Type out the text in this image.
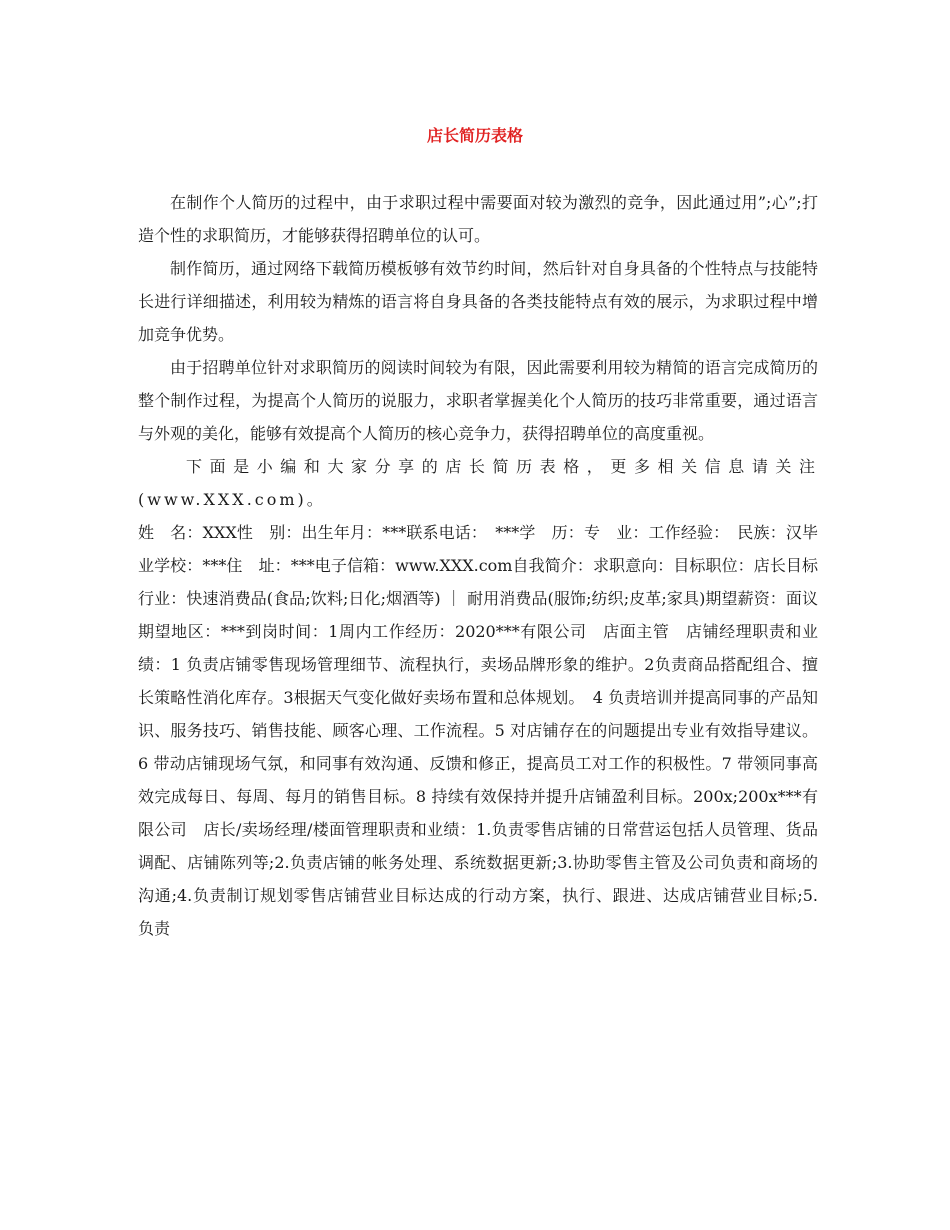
店长简历表格

在制作个人简历的过程中，由于求职过程中需要面对较为激烈的竞争，因此通过用”;心”;打造个性的求职简历，才能够获得招聘单位的认可。

制作简历，通过网络下载简历模板够有效节约时间，然后针对自身具备的个性特点与技能特长进行详细描述，利用较为精炼的语言将自身具备的各类技能特点有效的展示，为求职过程中增加竞争优势。

由于招聘单位针对求职简历的阅读时间较为有限，因此需要利用较为精简的语言完成简历的整个制作过程，为提高个人简历的说服力，求职者掌握美化个人简历的技巧非常重要，通过语言与外观的美化，能够有效提高个人简历的核心竞争力，获得招聘单位的高度重视。

下面是小编和大家分享的店长简历表格，更多相关信息请关注(www.XXX.com)。

姓　名：XXX性　别：出生年月：***联系电话：　***学　历：专　业：工作经验：　民族：汉毕业学校：***住　址：***电子信箱：www.XXX.com自我简介：求职意向：目标职位：店长目标行业：快速消费品(食品;饮料;日化;烟酒等) ｜ 耐用消费品(服饰;纺织;皮革;家具)期望薪资：面议期望地区：***到岗时间：1周内工作经历：2020***有限公司　店面主管　店铺经理职责和业绩：1 负责店铺零售现场管理细节、流程执行，卖场品牌形象的维护。2负责商品搭配组合、擅长策略性消化库存。3根据天气变化做好卖场布置和总体规划。　4 负责培训并提高同事的产品知识、服务技巧、销售技能、顾客心理、工作流程。5 对店铺存在的问题提出专业有效指导建议。6 带动店铺现场气氛，和同事有效沟通、反馈和修正，提高员工对工作的积极性。7 带领同事高效完成每日、每周、每月的销售目标。8 持续有效保持并提升店铺盈利目标。200x;200x***有限公司　店长/卖场经理/楼面管理职责和业绩：1.负责零售店铺的日常营运包括人员管理、货品调配、店铺陈列等;2.负责店铺的帐务处理、系统数据更新;3.协助零售主管及公司负责和商场的沟通;4.负责制订规划零售店铺营业目标达成的行动方案，执行、跟进、达成店铺营业目标;5.　负责
